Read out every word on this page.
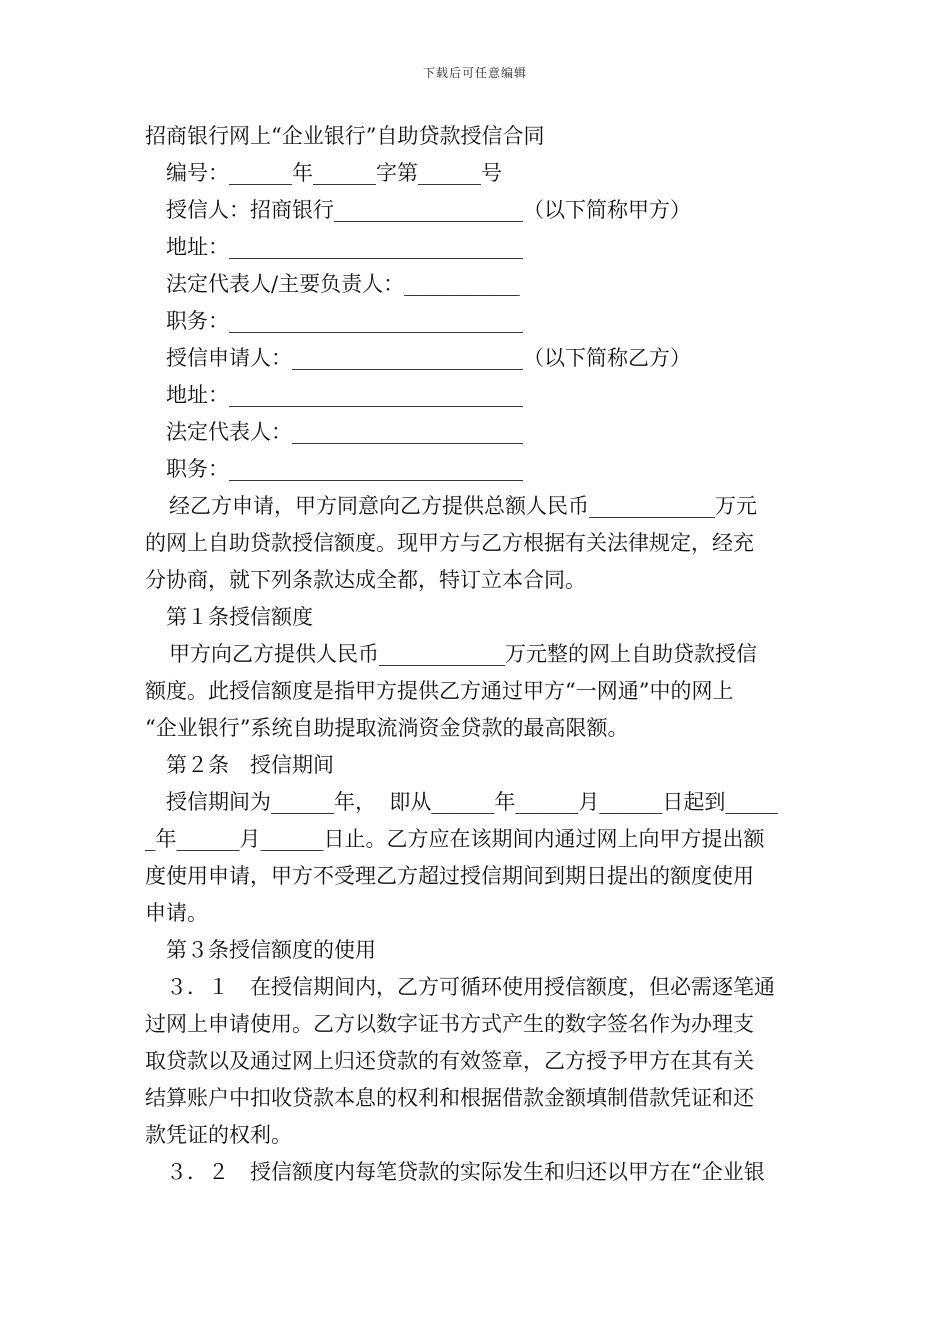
下载后可任意编辑

招商银行网上“企业银行”自助贷款授信合同

编号：______年______字第______号

授信人：招商银行__________________（以下简称甲方）

地址：____________________________

法定代表人/主要负责人：___________

职务：____________________________

授信申请人：______________________（以下简称乙方）

地址：____________________________

法定代表人：______________________

职务：____________________________

经乙方申请，甲方同意向乙方提供总额人民币____________万元

的网上自助贷款授信额度。现甲方与乙方根据有关法律规定，经充

分协商，就下列条款达成全都，特订立本合同。

第１条授信额度

甲方向乙方提供人民币____________万元整的网上自助贷款授信

额度。此授信额度是指甲方提供乙方通过甲方“一网通”中的网上

“企业银行”系统自助提取流淌资金贷款的最高限额。

第２条　授信期间

授信期间为______年，  即从______年______月______日起到_____

_年______月______日止。乙方应在该期间内通过网上向甲方提出额

度使用申请，甲方不受理乙方超过授信期间到期日提出的额度使用

申请。

第３条授信额度的使用

３．１　在授信期间内，乙方可循环使用授信额度，但必需逐笔通

过网上申请使用。乙方以数字证书方式产生的数字签名作为办理支

取贷款以及通过网上归还贷款的有效签章，乙方授予甲方在其有关

结算账户中扣收贷款本息的权利和根据借款金额填制借款凭证和还

款凭证的权利。

３．２　授信额度内每笔贷款的实际发生和归还以甲方在“企业银
